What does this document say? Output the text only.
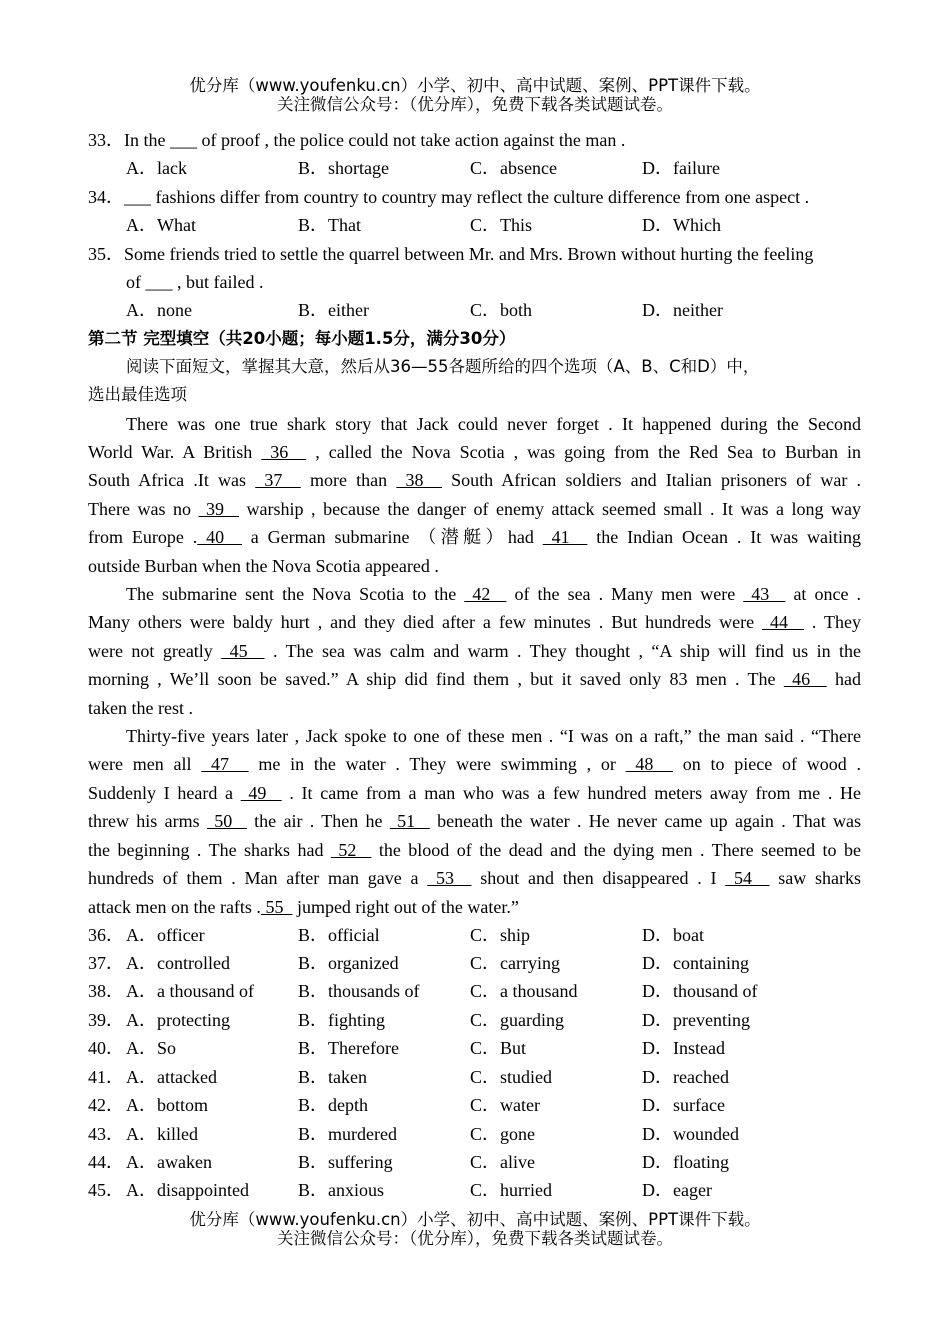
优分库（www.youfenku.cn）小学、初中、高中试题、案例、PPT课件下载。
关注微信公众号：（优分库），免费下载各类试题试卷。
33．In the ___ of proof , the police could not take action against the man .
A．lack	B．shortage	C．absence	D．failure
34．___ fashions differ from country to country may reflect the culture difference from one aspect .
A．What	B．That	C．This	D．Which
35．Some friends tried to settle the quarrel between Mr. and Mrs. Brown without hurting the feeling
of ___ , but failed .
A．none	B．either	C．both	D．neither
第二节 完型填空（共20小题；每小题1.5分，满分30分）
阅读下面短文，掌握其大意，然后从36—55各题所给的四个选项（A、B、C和D）中，
选出最佳选项
There was one true shark story that Jack could never forget . It happened during the Second
World War. A British  36   , called the Nova Scotia , was going from the Red Sea to Burban in
South Africa .It was  37   more than  38   South African soldiers and Italian prisoners of war .
There was no  39   warship , because the danger of enemy attack seemed small . It was a long way
from Europe . 40   a German submarine （潜艇）had  41   the Indian Ocean . It was waiting
outside Burban when the Nova Scotia appeared .
The submarine sent the Nova Scotia to the  42   of the sea . Many men were  43   at once .
Many others were baldy hurt , and they died after a few minutes . But hundreds were  44   . They
were not greatly  45   . The sea was calm and warm . They thought , “A ship will find us in the
morning , We’ll soon be saved.” A ship did find them , but it saved only 83 men . The  46   had
taken the rest .
Thirty-five years later , Jack spoke to one of these men . “I was on a raft,” the man said . “There
were men all  47   me in the water . They were swimming , or  48   on to piece of wood .
Suddenly I heard a  49   . It came from a man who was a few hundred meters away from me . He
threw his arms  50   the air . Then he  51   beneath the water . He never came up again . That was
the beginning . The sharks had  52   the blood of the dead and the dying men . There seemed to be
hundreds of them . Man after man gave a  53   shout and then disappeared . I  54   saw sharks
attack men on the rafts . 55   jumped right out of the water.”
36． A．officer	B．official	C．ship	D．boat
37． A．controlled	B．organized	C．carrying	D．containing
38． A．a thousand of B．thousands of	C．a thousand	D．thousand of
39． A．protecting	B．fighting	C．guarding	D．preventing
40． A．So	B．Therefore	C．But	D．Instead
41． A．attacked	B．taken	C．studied	D．reached
42． A．bottom	B．depth	C．water	D．surface
43． A．killed	B．murdered	C．gone	D．wounded
44． A．awaken	B．suffering	C．alive	D．floating
45． A．disappointed	B．anxious	C．hurried	D．eager
优分库（www.youfenku.cn）小学、初中、高中试题、案例、PPT课件下载。
关注微信公众号：（优分库），免费下载各类试题试卷。
